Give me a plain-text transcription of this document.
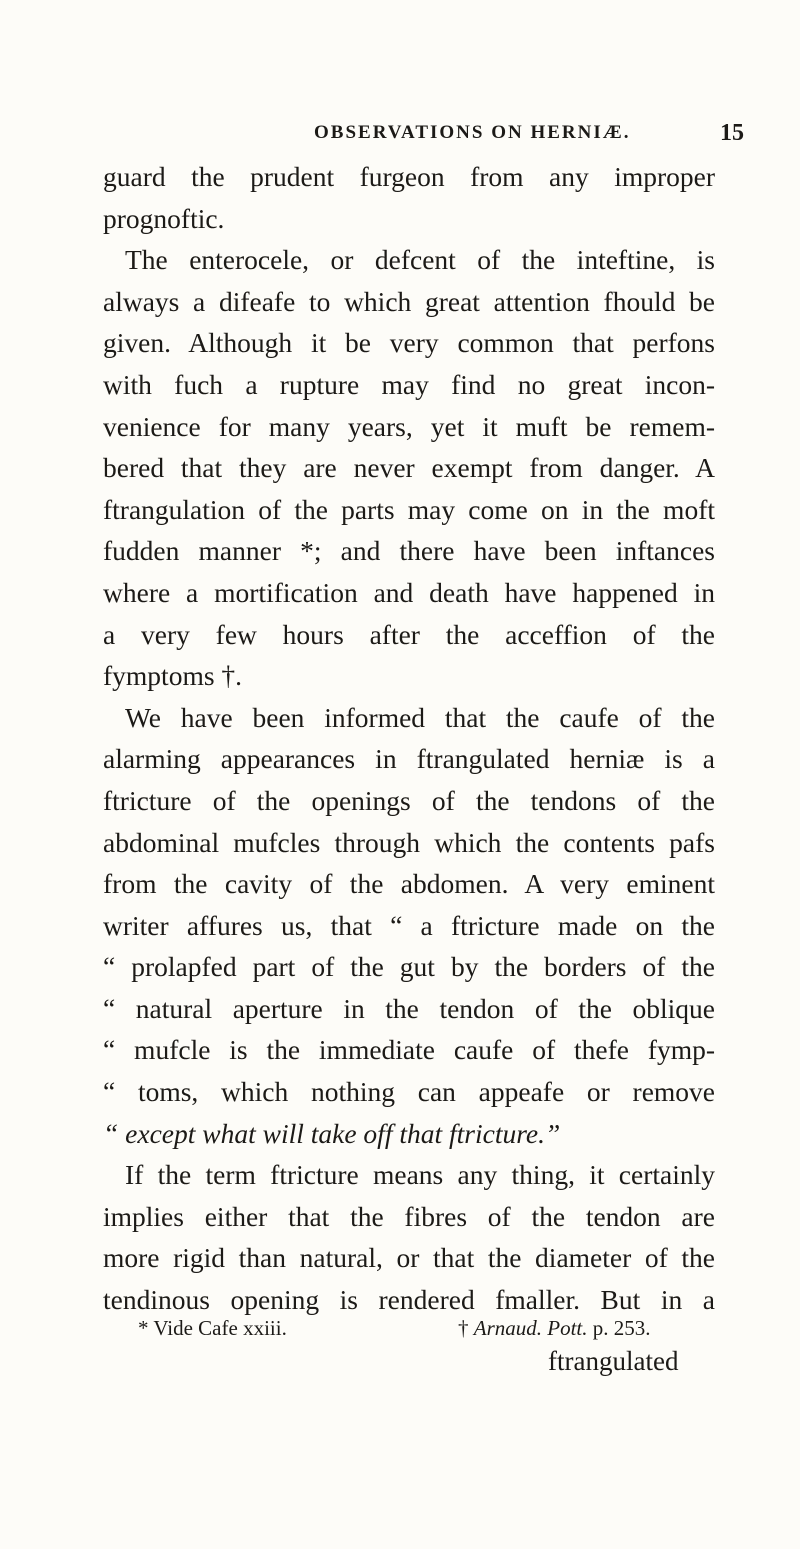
OBSERVATIONS ON HERNIÆ.	15
guard the prudent furgeon from any improper
prognoftic.
The enterocele, or defcent of the inteftine, is
always a difeafe to which great attention fhould be
given. Although it be very common that perfons
with fuch a rupture may find no great incon-
venience for many years, yet it muft be remem-
bered that they are never exempt from danger. A
ftrangulation of the parts may come on in the moft
fudden manner *; and there have been inftances
where a mortification and death have happened in
a very few hours after the acceffion of the
fymptoms †.
We have been informed that the caufe of the
alarming appearances in ftrangulated herniæ is a
ftricture of the openings of the tendons of the
abdominal mufcles through which the contents pafs
from the cavity of the abdomen. A very eminent
writer affures us, that “ a ftricture made on the
“ prolapfed part of the gut by the borders of the
“ natural aperture in the tendon of the oblique
“ mufcle is the immediate caufe of thefe fymp-
“ toms, which nothing can appeafe or remove
“ except what will take off that ftricture.”
If the term ftricture means any thing, it certainly
implies either that the fibres of the tendon are
more rigid than natural, or that the diameter of the
tendinous opening is rendered fmaller. But in a
* Vide Cafe xxiii.	† Arnaud. Pott. p. 253.
ftrangulated
